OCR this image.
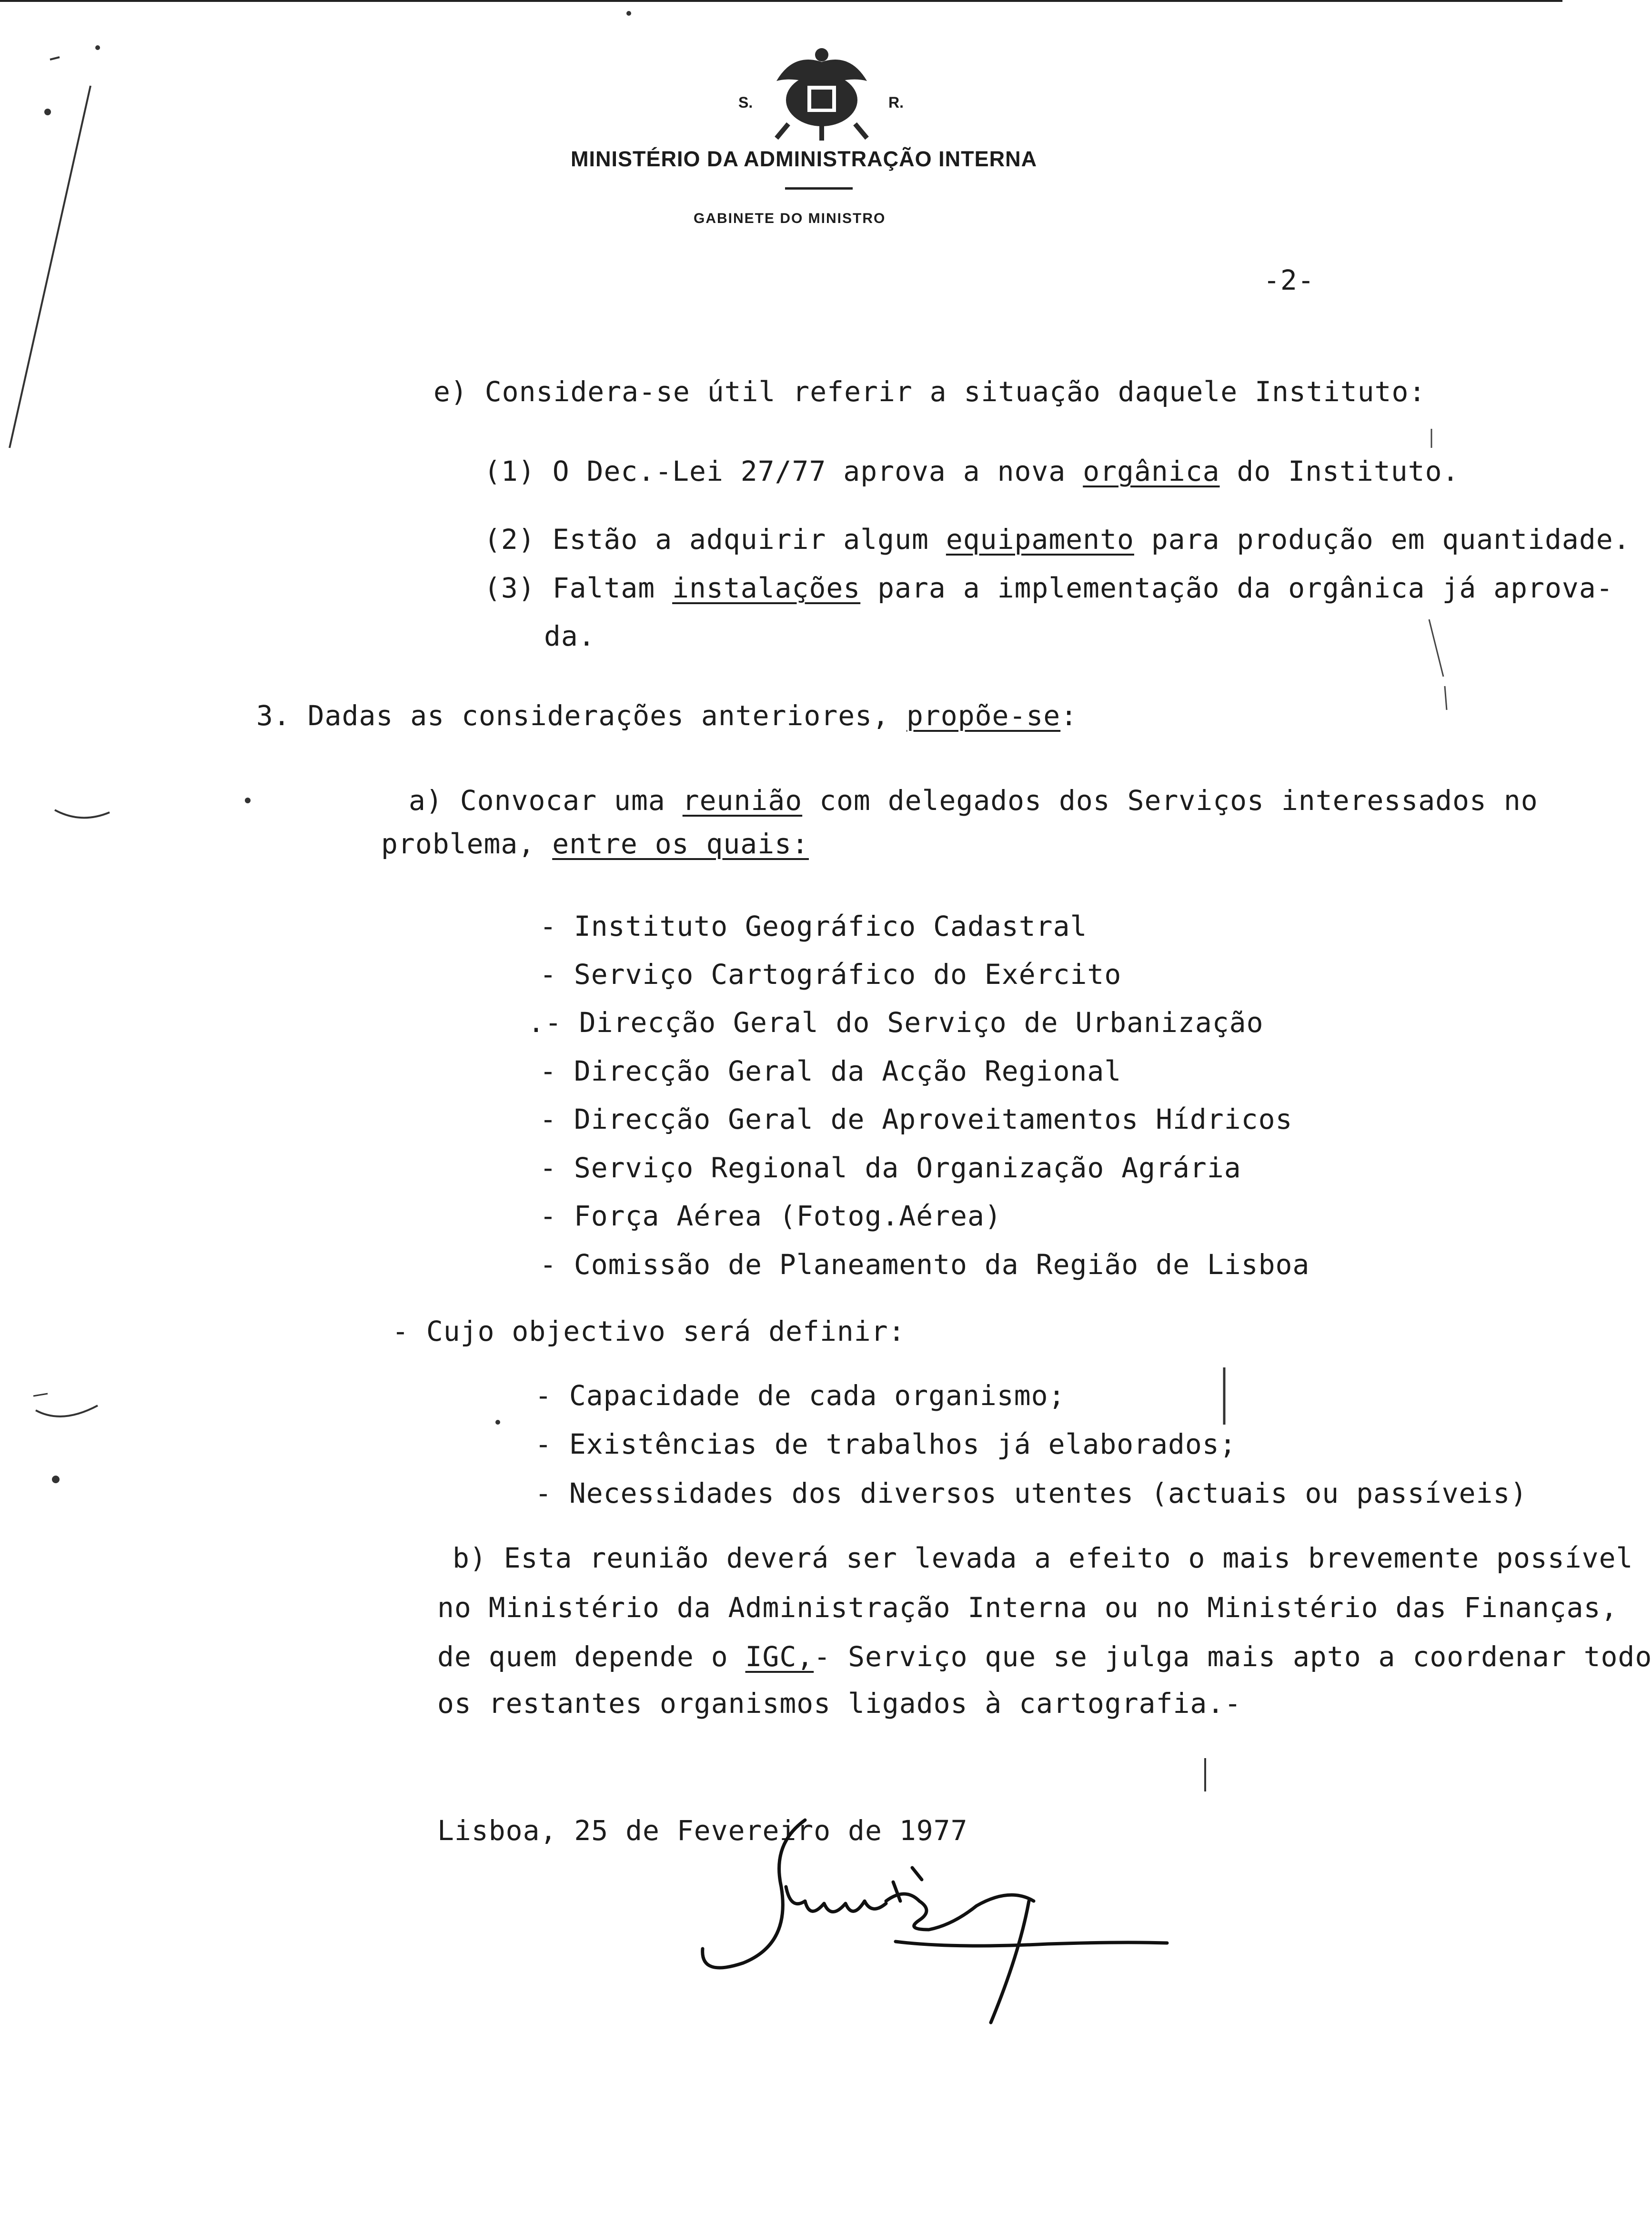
S.	R.
MINISTÉRIO DA ADMINISTRAÇÃO INTERNA
GABINETE DO MINISTRO
-2-
e) Considera-se útil referir a situação daquele Instituto:
(1) O Dec.-Lei 27/77 aprova a nova orgânica do Instituto.
(2) Estão a adquirir algum equipamento para produção em quantidade.
(3) Faltam instalações para a implementação da orgânica já aprova-
da.
3. Dadas as considerações anteriores, propõe-se:
a) Convocar uma reunião com delegados dos Serviços interessados no
problema, entre os quais:
- Instituto Geográfico Cadastral
- Serviço Cartográfico do Exército
.- Direcção Geral do Serviço de Urbanização
- Direcção Geral da Acção Regional
- Direcção Geral de Aproveitamentos Hídricos
- Serviço Regional da Organização Agrária
- Força Aérea (Fotog.Aérea)
- Comissão de Planeamento da Região de Lisboa
- Cujo objectivo será definir:
- Capacidade de cada organismo;
- Existências de trabalhos já elaborados;
- Necessidades dos diversos utentes (actuais ou passíveis)
b) Esta reunião deverá ser levada a efeito o mais brevemente possível
no Ministério da Administração Interna ou no Ministério das Finanças,
de quem depende o IGC,- Serviço que se julga mais apto a coordenar todo
os restantes organismos ligados à cartografia.-
Lisboa, 25 de Fevereiro de 1977
